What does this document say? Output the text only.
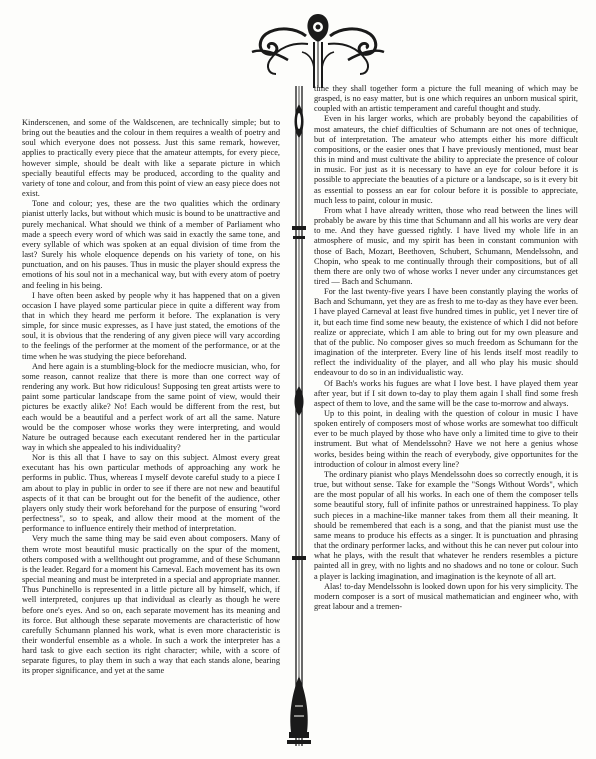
Kinderscenen, and some of the Waldscenen, are technically simple; but to bring out the beauties and the colour in them requires a wealth of poetry and soul which everyone does not possess. Just this same remark, however, applies to practically every piece that the amateur attempts, for every piece, however simple, should be dealt with like a separate picture in which specially beautiful effects may be produced, according to the quality and variety of tone and colour, and from this point of view an easy piece does not exist.

Tone and colour; yes, these are the two qualities which the ordinary pianist utterly lacks, but without which music is bound to be unattractive and purely mechanical. What should we think of a member of Parliament who made a speech every word of which was said in exactly the same tone, and every syllable of which was spoken at an equal division of time from the last? Surely his whole eloquence depends on his variety of tone, on his punctuation, and on his pauses. Thus in music the player should express the emotions of his soul not in a mechanical way, but with every atom of poetry and feeling in his being.

I have often been asked by people why it has happened that on a given occasion I have played some particular piece in quite a different way from that in which they heard me perform it before. The explanation is very simple, for since music expresses, as I have just stated, the emotions of the soul, it is obvious that the rendering of any given piece will vary according to the feelings of the performer at the moment of the performance, or at the time when he was studying the piece beforehand.

And here again is a stumbling-block for the mediocre musician, who, for some reason, cannot realize that there is more than one correct way of rendering any work. But how ridiculous! Supposing ten great artists were to paint some particular landscape from the same point of view, would their pictures be exactly alike? No! Each would be different from the rest, but each would be a beautiful and a perfect work of art all the same. Nature would be the composer whose works they were interpreting, and would Nature be outraged because each executant rendered her in the particular way in which she appealed to his individuality?

Nor is this all that I have to say on this subject. Almost every great executant has his own particular methods of approaching any work he performs in public. Thus, whereas I myself devote careful study to a piece I am about to play in public in order to see if there are not new and beautiful aspects of it that can be brought out for the benefit of the audience, other players only study their work beforehand for the purpose of ensuring "word perfectness", so to speak, and allow their mood at the moment of the performance to influence entirely their method of interpretation.

Very much the same thing may be said even about composers. Many of them wrote most beautiful music practically on the spur of the moment, others composed with a wellthought out programme, and of these Schumann is the leader. Regard for a moment his Carneval. Each movement has its own special meaning and must be interpreted in a special and appropriate manner. Thus Punchinello is represented in a little picture all by himself, which, if well interpreted, conjures up that individual as clearly as though he were before one's eyes. And so on, each separate movement has its meaning and its force. But although these separate movements are characteristic of how carefully Schumann planned his work, what is even more characteristic is their wonderful ensemble as a whole. In such a work the interpreter has a hard task to give each section its right character; while, with a score of separate figures, to play them in such a way that each stands alone, bearing its proper significance, and yet at the same

time they shall together form a picture the full meaning of which may be grasped, is no easy matter, but is one which requires an unborn musical spirit, coupled with an artistic temperament and careful thought and study.

Even in his larger works, which are probably beyond the capabilities of most amateurs, the chief difficulties of Schumann are not ones of technique, but of interpretation. The amateur who attempts either his more difficult compositions, or the easier ones that I have previously mentioned, must bear this in mind and must cultivate the ability to appreciate the presence of colour in music. For just as it is necessary to have an eye for colour before it is possible to appreciate the beauties of a picture or a landscape, so is it every bit as essential to possess an ear for colour before it is possible to appreciate, much less to paint, colour in music.

From what I have already written, those who read between the lines will probably be aware by this time that Schumann and all his works are very dear to me. And they have guessed rightly. I have lived my whole life in an atmosphere of music, and my spirit has been in constant communion with those of Bach, Mozart, Beethoven, Schubert, Schumann, Mendelssohn, and Chopin, who speak to me continually through their compositions, but of all them there are only two of whose works I never under any circumstances get tired — Bach and Schumann.

For the last twenty-five years I have been constantly playing the works of Bach and Schumann, yet they are as fresh to me to-day as they have ever been. I have played Carneval at least five hundred times in public, yet I never tire of it, but each time find some new beauty, the existence of which I did not before realize or appreciate, which I am able to bring out for my own pleasure and that of the public. No composer gives so much freedom as Schumann for the imagination of the interpreter. Every line of his lends itself most readily to reflect the individuality of the player, and all who play his music should endeavour to do so in an individualistic way.

Of Bach's works his fugues are what I love best. I have played them year after year, but if I sit down to-day to play them again I shall find some fresh aspect of them to love, and the same will be the case to-morrow and always.

Up to this point, in dealing with the question of colour in music I have spoken entirely of composers most of whose works are somewhat too difficult ever to be much played by those who have only a limited time to give to their instrument. But what of Mendelssohn? Have we not here a genius whose works, besides being within the reach of everybody, give opportunites for the introduction of colour in almost every line?

The ordinary pianist who plays Mendelssohn does so correctly enough, it is true, but without sense. Take for example the "Songs Without Words", which are the most popular of all his works. In each one of them the composer tells some beautiful story, full of infinite pathos or unrestrained happiness. To play such pieces in a machine-like manner takes from them all their meaning. It should be remembered that each is a song, and that the pianist must use the same means to produce his effects as a singer. It is punctuation and phrasing that the ordinary performer lacks, and without this he can never put colour into what he plays, with the result that whatever he renders resembles a picture painted all in grey, with no lights and no shadows and no tone or colour. Such a player is lacking imagination, and imagination is the keynote of all art.

Alas! to-day Mendelssohn is looked down upon for his very simplicity. The modern composer is a sort of musical mathematician and engineer who, with great labour and a tremen-
